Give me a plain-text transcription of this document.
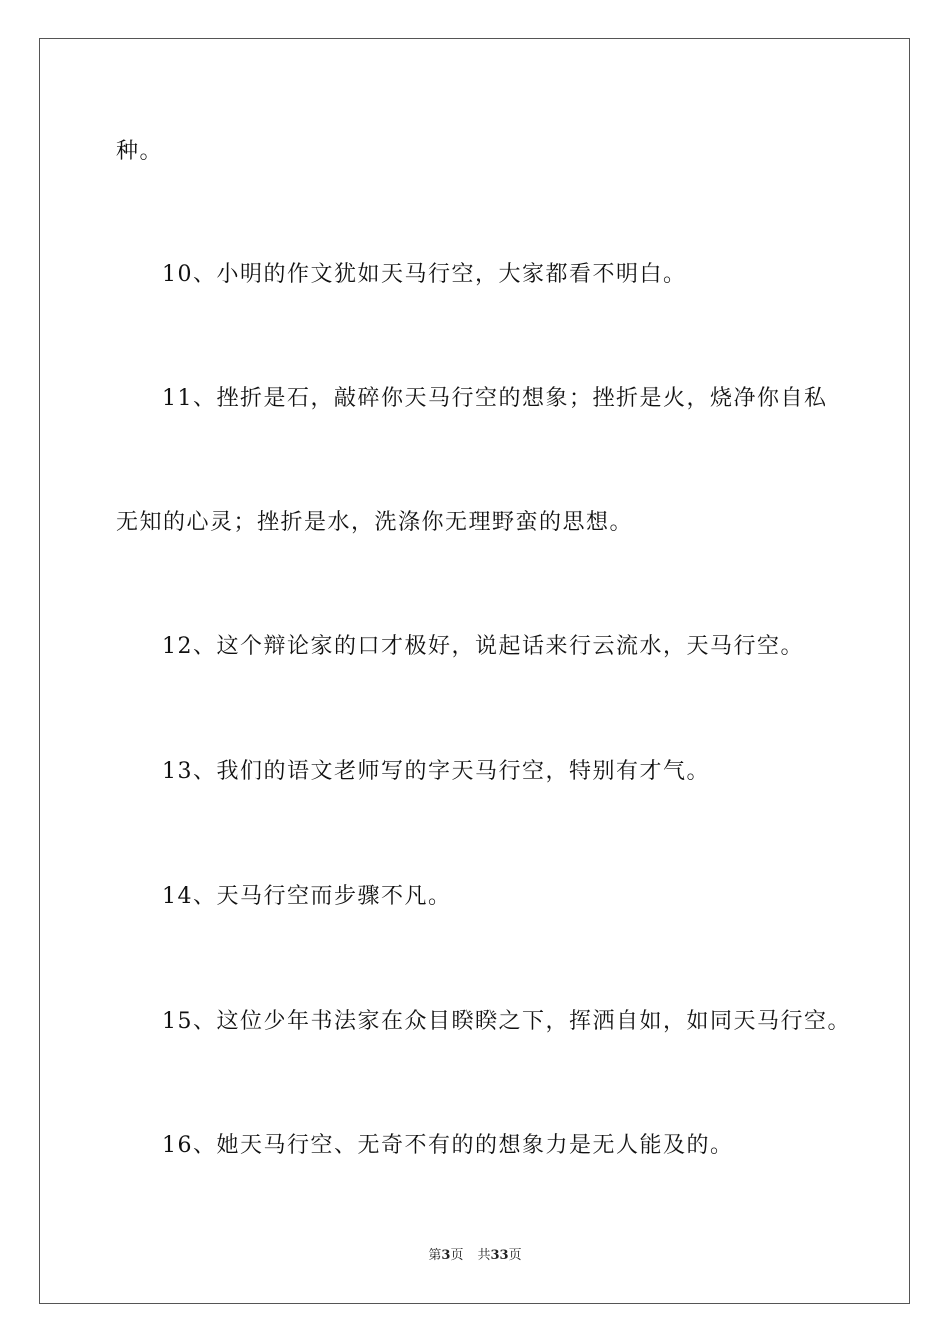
种。
10、小明的作文犹如天马行空，大家都看不明白。
11、挫折是石，敲碎你天马行空的想象；挫折是火，烧净你自私
无知的心灵；挫折是水，洗涤你无理野蛮的思想。
12、这个辩论家的口才极好，说起话来行云流水，天马行空。
13、我们的语文老师写的字天马行空，特别有才气。
14、天马行空而步骤不凡。
15、这位少年书法家在众目睽睽之下，挥洒自如，如同天马行空。
16、她天马行空、无奇不有的的想象力是无人能及的。
第3页 共33页
